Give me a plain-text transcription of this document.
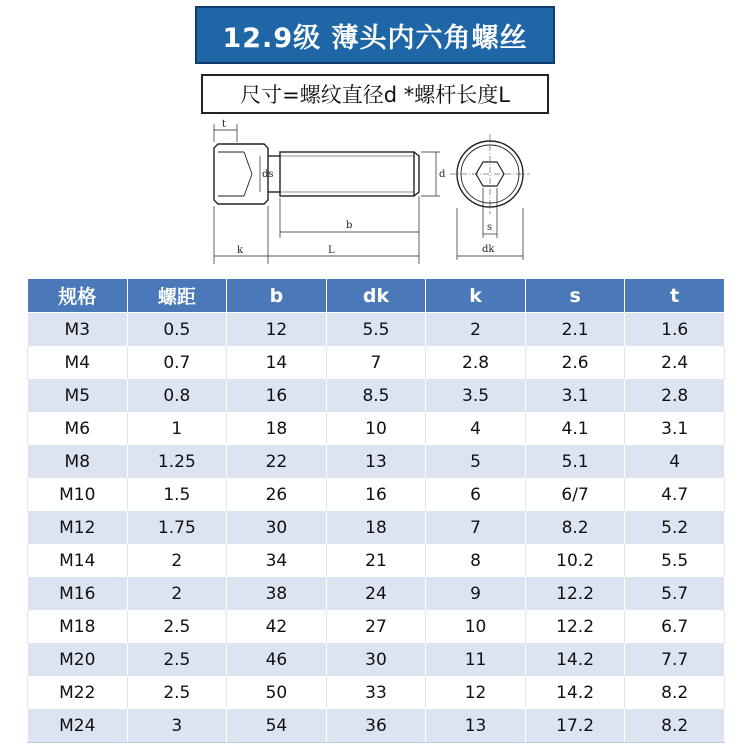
12.9级 薄头内六角螺丝
尺寸=螺纹直径d *螺杆长度L
t
ds	d
b
k	L
s
dk
规格	螺距	b	dk	k	s	t
M3	0.5	12	5.5	2	2.1	1.6
M4	0.7	14	7	2.8	2.6	2.4
M5	0.8	16	8.5	3.5	3.1	2.8
M6	1	18	10	4	4.1	3.1
M8	1.25	22	13	5	5.1	4
M10	1.5	26	16	6	6/7	4.7
M12	1.75	30	18	7	8.2	5.2
M14	2	34	21	8	10.2	5.5
M16	2	38	24	9	12.2	5.7
M18	2.5	42	27	10	12.2	6.7
M20	2.5	46	30	11	14.2	7.7
M22	2.5	50	33	12	14.2	8.2
M24	3	54	36	13	17.2	8.2
